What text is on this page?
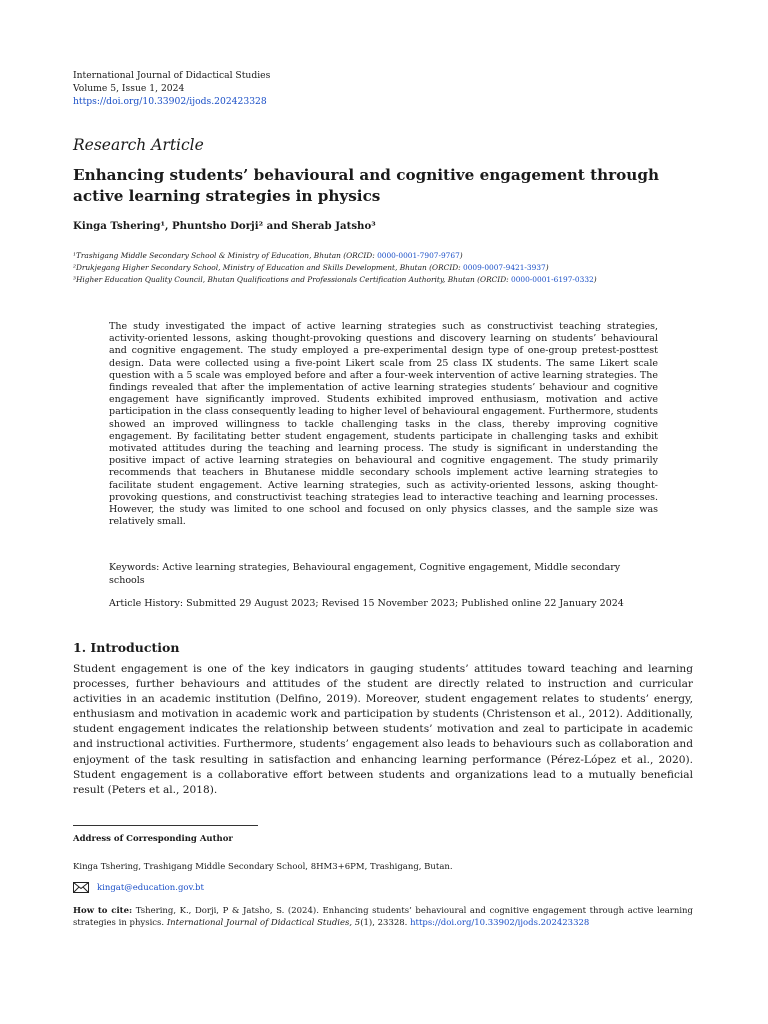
International Journal of Didactical Studies
Volume 5, Issue 1, 2024
https://doi.org/10.33902/ijods.202423328
Research Article
Enhancing students’ behavioural and cognitive engagement through active learning strategies in physics
Kinga Tshering¹, Phuntsho Dorji² and Sherab Jatsho³
¹Trashigang Middle Secondary School & Ministry of Education, Bhutan (ORCID: 0000-0001-7907-9767)
²Drukjegang Higher Secondary School, Ministry of Education and Skills Development, Bhutan (ORCID: 0009-0007-9421-3937)
³Higher Education Quality Council, Bhutan Qualifications and Professionals Certification Authority, Bhutan (ORCID: 0000-0001-6197-0332)
The study investigated the impact of active learning strategies such as constructivist teaching strategies, activity-oriented lessons, asking thought-provoking questions and discovery learning on students’ behavioural and cognitive engagement. The study employed a pre-experimental design type of one-group pretest-posttest design. Data were collected using a five-point Likert scale from 25 class IX students. The same Likert scale question with a 5 scale was employed before and after a four-week intervention of active learning strategies. The findings revealed that after the implementation of active learning strategies students’ behaviour and cognitive engagement have significantly improved. Students exhibited improved enthusiasm, motivation and active participation in the class consequently leading to higher level of behavioural engagement. Furthermore, students showed an improved willingness to tackle challenging tasks in the class, thereby improving cognitive engagement. By facilitating better student engagement, students participate in challenging tasks and exhibit motivated attitudes during the teaching and learning process. The study is significant in understanding the positive impact of active learning strategies on behavioural and cognitive engagement. The study primarily recommends that teachers in Bhutanese middle secondary schools implement active learning strategies to facilitate student engagement. Active learning strategies, such as activity-oriented lessons, asking thought-provoking questions, and constructivist teaching strategies lead to interactive teaching and learning processes. However, the study was limited to one school and focused on only physics classes, and the sample size was relatively small.
Keywords: Active learning strategies, Behavioural engagement, Cognitive engagement, Middle secondary schools
Article History: Submitted 29 August 2023; Revised 15 November 2023; Published online 22 January 2024
1. Introduction
Student engagement is one of the key indicators in gauging students’ attitudes toward teaching and learning processes, further behaviours and attitudes of the student are directly related to instruction and curricular activities in an academic institution (Delfino, 2019). Moreover, student engagement relates to students’ energy, enthusiasm and motivation in academic work and participation by students (Christenson et al., 2012). Additionally, student engagement indicates the relationship between students’ motivation and zeal to participate in academic and instructional activities. Furthermore, students’ engagement also leads to behaviours such as collaboration and enjoyment of the task resulting in satisfaction and enhancing learning performance (Pérez-López et al., 2020). Student engagement is a collaborative effort between students and organizations lead to a mutually beneficial result (Peters et al., 2018).
Address of Corresponding Author
Kinga Tshering, Trashigang Middle Secondary School, 8HM3+6PM, Trashigang, Butan.
kingat@education.gov.bt
How to cite: Tshering, K., Dorji, P & Jatsho, S. (2024). Enhancing students’ behavioural and cognitive engagement through active learning strategies in physics. International Journal of Didactical Studies, 5(1), 23328. https://doi.org/10.33902/ijods.202423328
